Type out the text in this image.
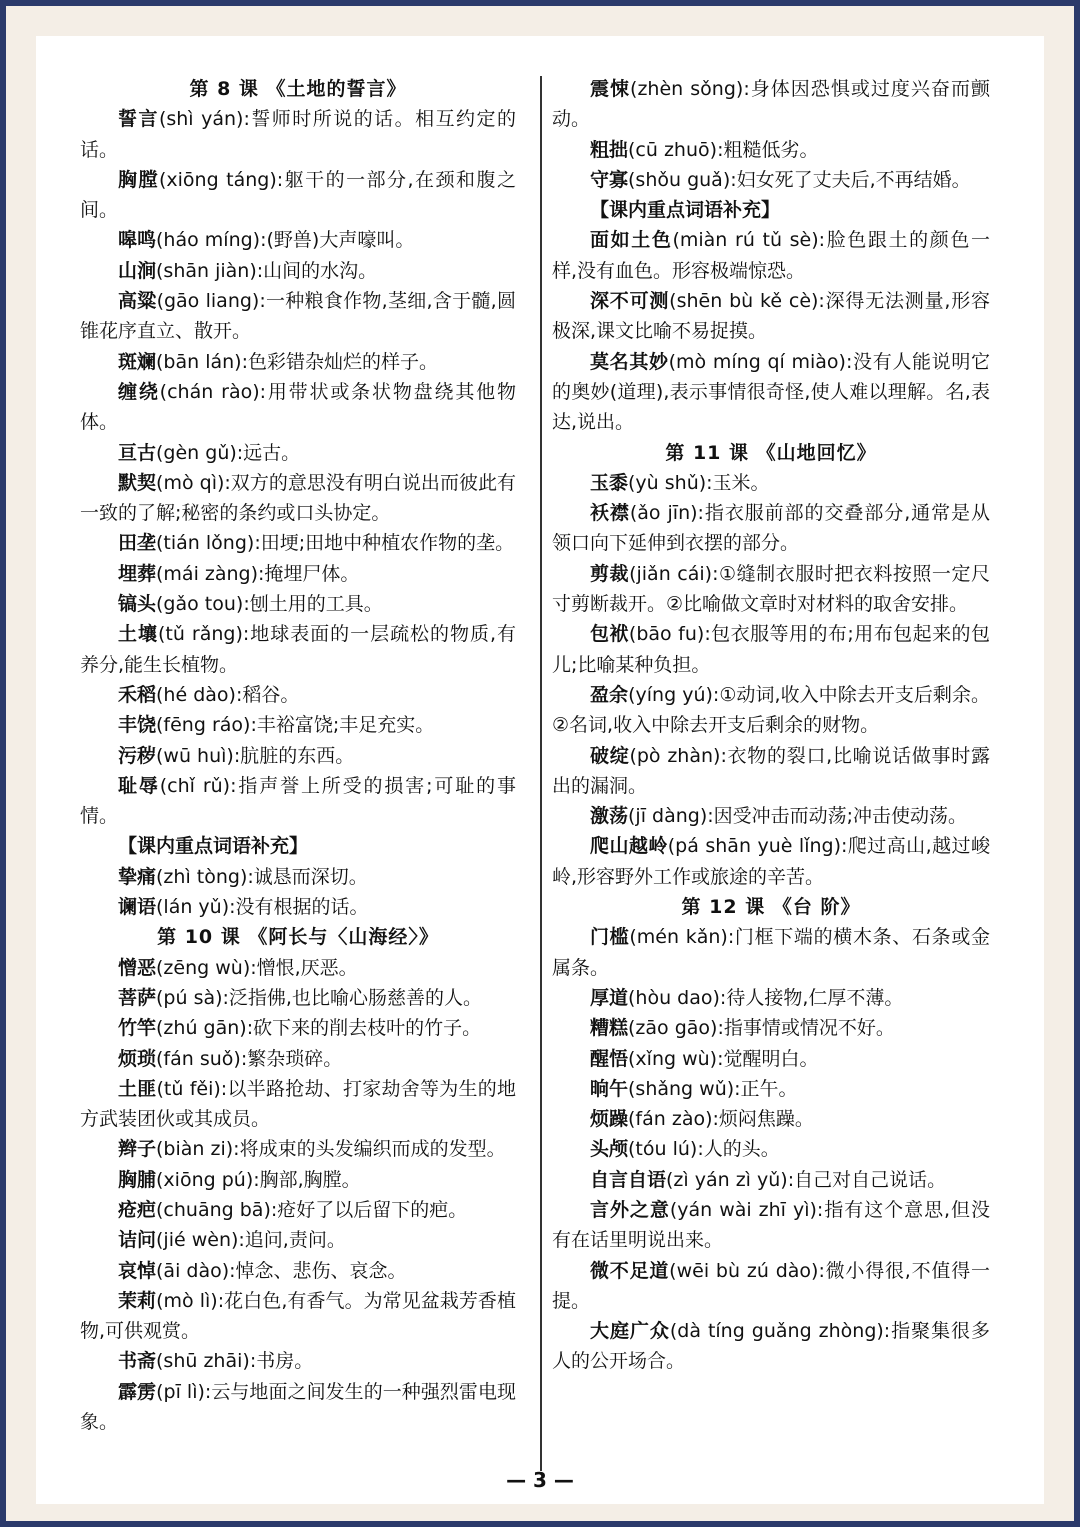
第 8 课 《土地的誓言》
誓言(shì yán):誓师时所说的话。相互约定的话。
胸膛(xiōng táng):躯干的一部分,在颈和腹之间。
嗥鸣(háo míng):(野兽)大声嚎叫。
山涧(shān jiàn):山间的水沟。
高粱(gāo liang):一种粮食作物,茎细,含于髓,圆锥花序直立、散开。
斑斓(bān lán):色彩错杂灿烂的样子。
缠绕(chán rào):用带状或条状物盘绕其他物体。
亘古(gèn gǔ):远古。
默契(mò qì):双方的意思没有明白说出而彼此有一致的了解;秘密的条约或口头协定。
田垄(tián lǒng):田埂;田地中种植农作物的垄。
埋葬(mái zàng):掩埋尸体。
镐头(gǎo tou):刨土用的工具。
土壤(tǔ rǎng):地球表面的一层疏松的物质,有养分,能生长植物。
禾稻(hé dào):稻谷。
丰饶(fēng ráo):丰裕富饶;丰足充实。
污秽(wū huì):肮脏的东西。
耻辱(chǐ rǔ):指声誉上所受的损害;可耻的事情。
【课内重点词语补充】
挚痛(zhì tòng):诚恳而深切。
谰语(lán yǔ):没有根据的话。
第 10 课 《阿长与〈山海经〉》
憎恶(zēng wù):憎恨,厌恶。
菩萨(pú sà):泛指佛,也比喻心肠慈善的人。
竹竿(zhú gān):砍下来的削去枝叶的竹子。
烦琐(fán suǒ):繁杂琐碎。
土匪(tǔ fěi):以半路抢劫、打家劫舍等为生的地方武装团伙或其成员。
辫子(biàn zi):将成束的头发编织而成的发型。
胸脯(xiōng pú):胸部,胸膛。
疮疤(chuāng bā):疮好了以后留下的疤。
诘问(jié wèn):追问,责问。
哀悼(āi dào):悼念、悲伤、哀念。
茉莉(mò lì):花白色,有香气。为常见盆栽芳香植物,可供观赏。
书斋(shū zhāi):书房。
霹雳(pī lì):云与地面之间发生的一种强烈雷电现象。
震悚(zhèn sǒng):身体因恐惧或过度兴奋而颤动。
粗拙(cū zhuō):粗糙低劣。
守寡(shǒu guǎ):妇女死了丈夫后,不再结婚。
【课内重点词语补充】
面如土色(miàn rú tǔ sè):脸色跟土的颜色一样,没有血色。形容极端惊恐。
深不可测(shēn bù kě cè):深得无法测量,形容极深,课文比喻不易捉摸。
莫名其妙(mò míng qí miào):没有人能说明它的奥妙(道理),表示事情很奇怪,使人难以理解。名,表达,说出。
第 11 课 《山地回忆》
玉黍(yù shǔ):玉米。
袄襟(ǎo jīn):指衣服前部的交叠部分,通常是从领口向下延伸到衣摆的部分。
剪裁(jiǎn cái):①缝制衣服时把衣料按照一定尺寸剪断裁开。②比喻做文章时对材料的取舍安排。
包袱(bāo fu):包衣服等用的布;用布包起来的包儿;比喻某种负担。
盈余(yíng yú):①动词,收入中除去开支后剩余。②名词,收入中除去开支后剩余的财物。
破绽(pò zhàn):衣物的裂口,比喻说话做事时露出的漏洞。
激荡(jī dàng):因受冲击而动荡;冲击使动荡。
爬山越岭(pá shān yuè lǐng):爬过高山,越过峻岭,形容野外工作或旅途的辛苦。
第 12 课 《台 阶》
门槛(mén kǎn):门框下端的横木条、石条或金属条。
厚道(hòu dao):待人接物,仁厚不薄。
糟糕(zāo gāo):指事情或情况不好。
醒悟(xǐng wù):觉醒明白。
晌午(shǎng wǔ):正午。
烦躁(fán zào):烦闷焦躁。
头颅(tóu lú):人的头。
自言自语(zì yán zì yǔ):自己对自己说话。
言外之意(yán wài zhī yì):指有这个意思,但没有在话里明说出来。
微不足道(wēi bù zú dào):微小得很,不值得一提。
大庭广众(dà tíng guǎng zhòng):指聚集很多人的公开场合。
— 3 —
